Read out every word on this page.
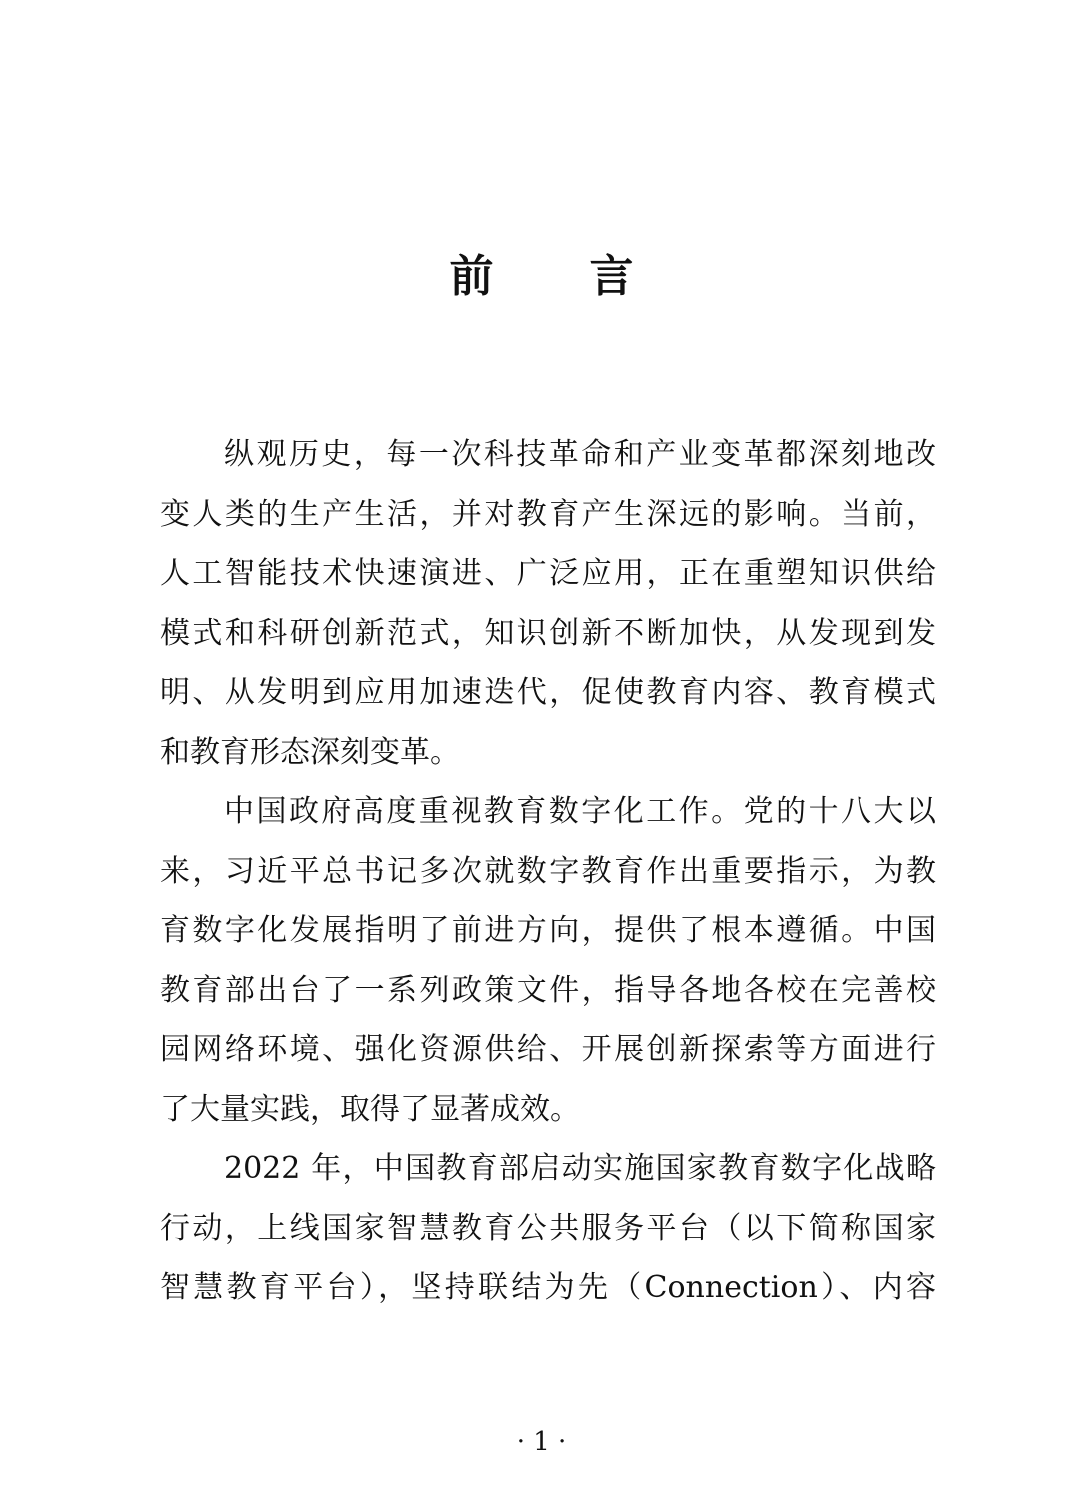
前 言
纵观历史，每一次科技革命和产业变革都深刻地改
变人类的生产生活，并对教育产生深远的影响。当前，
人工智能技术快速演进、广泛应用，正在重塑知识供给
模式和科研创新范式，知识创新不断加快，从发现到发
明、从发明到应用加速迭代，促使教育内容、教育模式
和教育形态深刻变革。
中国政府高度重视教育数字化工作。党的十八大以
来，习近平总书记多次就数字教育作出重要指示，为教
育数字化发展指明了前进方向，提供了根本遵循。中国
教育部出台了一系列政策文件，指导各地各校在完善校
园网络环境、强化资源供给、开展创新探索等方面进行
了大量实践，取得了显著成效。
2022 年，中国教育部启动实施国家教育数字化战略
行动，上线国家智慧教育公共服务平台（以下简称国家
智慧教育平台），坚持联结为先（Connection）、内容
· 1 ·
